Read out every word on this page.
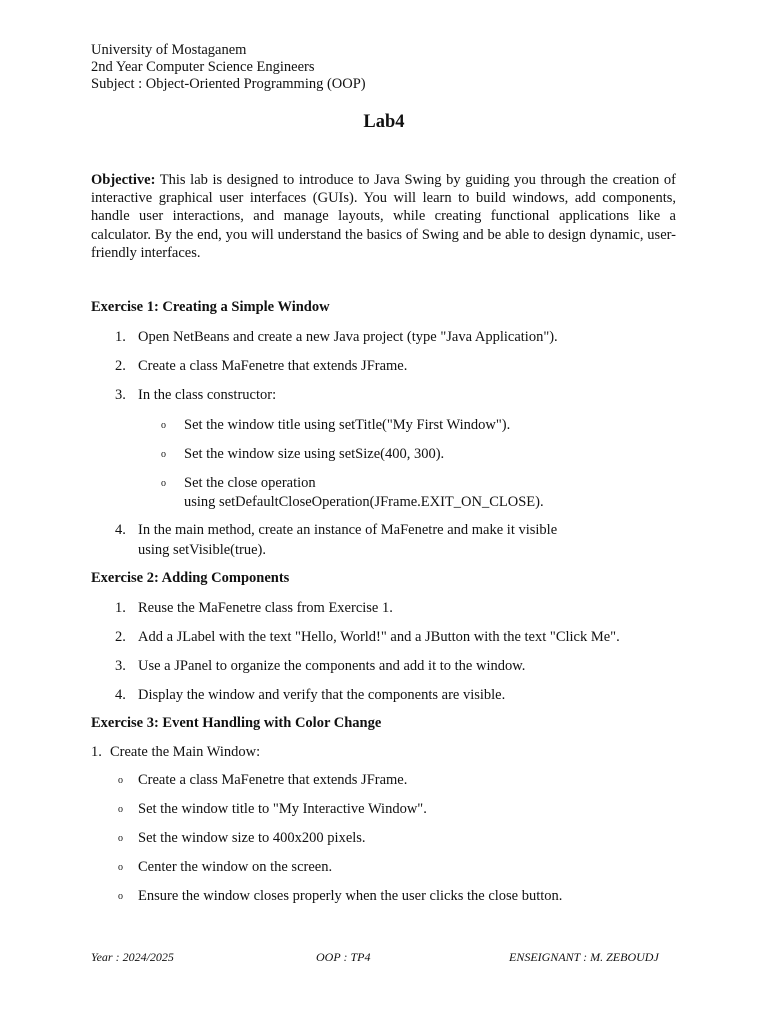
University of Mostaganem
2nd Year Computer Science Engineers
Subject : Object-Oriented Programming (OOP)
Lab4
Objective: This lab is designed to introduce to Java Swing by guiding you through the creation of interactive graphical user interfaces (GUIs). You will learn to build windows, add components, handle user interactions, and manage layouts, while creating functional applications like a calculator. By the end, you will understand the basics of Swing and be able to design dynamic, user-friendly interfaces.
Exercise 1: Creating a Simple Window
1. Open NetBeans and create a new Java project (type "Java Application").
2. Create a class MaFenetre that extends JFrame.
3. In the class constructor:
o Set the window title using setTitle("My First Window").
o Set the window size using setSize(400, 300).
o Set the close operation
using setDefaultCloseOperation(JFrame.EXIT_ON_CLOSE).
4. In the main method, create an instance of MaFenetre and make it visible
using setVisible(true).
Exercise 2: Adding Components
1. Reuse the MaFenetre class from Exercise 1.
2. Add a JLabel with the text "Hello, World!" and a JButton with the text "Click Me".
3. Use a JPanel to organize the components and add it to the window.
4. Display the window and verify that the components are visible.
Exercise 3: Event Handling with Color Change
1. Create the Main Window:
o Create a class MaFenetre that extends JFrame.
o Set the window title to "My Interactive Window".
o Set the window size to 400x200 pixels.
o Center the window on the screen.
o Ensure the window closes properly when the user clicks the close button.
Year : 2024/2025	OOP : TP4	ENSEIGNANT : M. ZEBOUDJ
